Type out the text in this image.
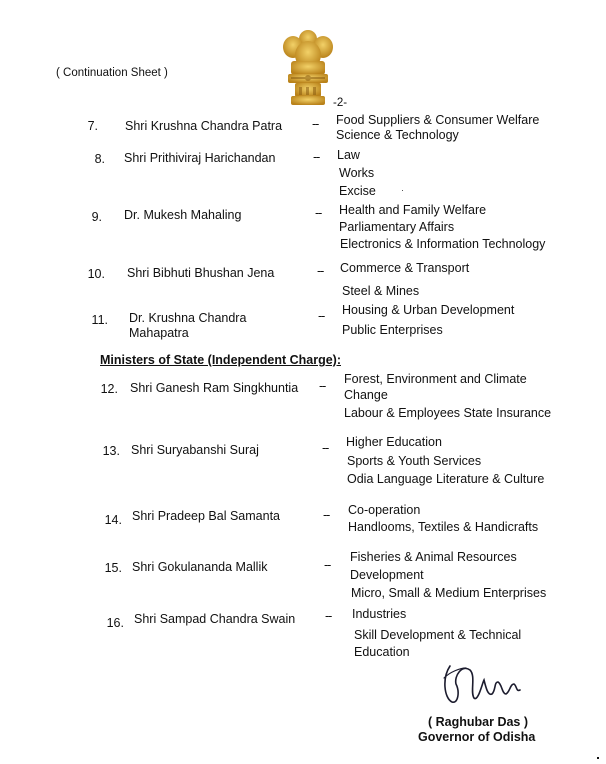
( Continuation Sheet )
-2-
7. Shri Krushna Chandra Patra -- Food Suppliers & Consumer Welfare
Science & Technology
8. Shri Prithiviraj Harichandan	-- Law
Works
Excise
9. Dr. Mukesh Mahaling	-- Health and Family Welfare
Parliamentary Affairs
Electronics & Information Technology
10. Shri Bibhuti Bhushan Jena	-- Commerce & Transport
Steel & Mines
11. Dr. Krushna Chandra
Mahapatra
-- Housing & Urban Development
Public Enterprises
Ministers of State (Independent Charge):
12. Shri Ganesh Ram Singkhuntia -- Forest, Environment and Climate
Change
Labour & Employees State Insurance
13. Shri Suryabanshi Suraj	-- Higher Education
Sports & Youth Services
Odia Language Literature & Culture
14. Shri Pradeep Bal Samanta	-- Co-operation
Handlooms, Textiles & Handicrafts
15. Shri Gokulananda Mallik	--
Fisheries & Animal Resources
Development
Micro, Small & Medium Enterprises
16. Shri Sampad Chandra Swain -- Industries
Skill Development & Technical
Education
( Raghubar Das )
Governor of Odisha
